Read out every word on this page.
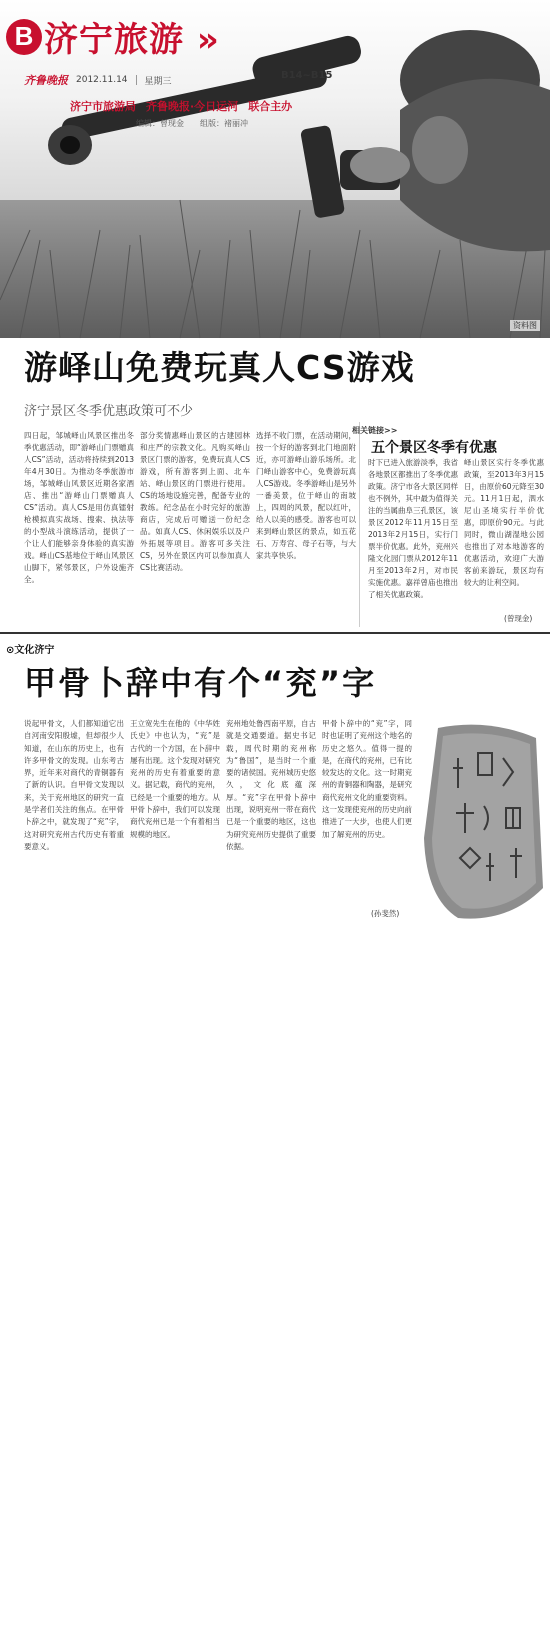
B 济宁旅游 »
齐鲁晚报 2012.11.14 星期三
B14~B15
济宁市旅游局 齐鲁晚报·今日运河 联合主办
编辑：曾现金 组版：褚丽冲
资料图
游峄山免费玩真人CS游戏
济宁景区冬季优惠政策可不少
四日起，邹城峄山风景区推出冬季优惠活动，即“游峄山门票赠真人CS”活动，活动将持续到2013年4月30日。为推动冬季旅游市场，邹城峄山风景区近期各家酒店、推出“游峄山门票赠真人CS”活动。真人CS是用仿真镭射枪模拟真实战场、搜索、执法等的小型战斗演练活动，提供了一个让人们能够亲身体验的真实游戏。峄山CS基地位于峄山风景区山脚下，紧邻景区，户外设施齐全。
部分奖情惠峄山景区的古建园林和庄严的宗教文化。凡购买峄山景区门票的游客，免费玩真人CS游戏，所有游客到上面、北车站、峄山景区的门票进行使用。CS的场地设施完善，配备专业的教练。纪念品在小时完好的旅游商店，完成后可赠送一份纪念品。如真人CS、休闲娱乐以及户外拓展等项目。游客可多关注CS，另外在景区内可以参加真人CS比赛活动。
选择不收门票，在活动期间，按一个好的游客到北门地面附近，亦可游峄山游乐场所。北门峄山游客中心，免费游玩真人CS游戏。冬季游峄山是另外一番美景，位于峄山的南坡上，四周的风景，配以红叶，给人以美的感受。游客也可以来到峄山景区的景点，如五花石、万寿宫、母子石等，与大家共享快乐。
相关链接>>
五个景区冬季有优惠
时下已进入旅游淡季，我省各地景区都推出了冬季优惠政策。济宁市各大景区同样也不例外，其中最为值得关注的当属曲阜三孔景区，该景区2012年11月15日至2013年2月15日，实行门票半价优惠。此外，兖州兴隆文化园门票从2012年11月至2013年2月，对市民实施优惠。嘉祥曾庙也推出了相关优惠政策。
峄山景区实行冬季优惠政策，至2013年3月15日，由原价60元降至30元。11月1日起，泗水尼山圣境实行半价优惠，即原价90元。与此同时，微山湖湿地公园也推出了对本地游客的优惠活动，欢迎广大游客前来游玩，景区均有较大的让利空间。
(曾现金)
⊙文化济宁
甲骨卜辞中有个“兖”字
说起甲骨文，人们都知道它出自河南安阳殷墟，但却很少人知道，在山东的历史上，也有许多甲骨文的发现。山东考古界，近年来对商代的青铜器有了新的认识。自甲骨文发现以来，关于兖州地区的研究一直是学者们关注的焦点。在甲骨卜辞之中，就发现了“兖”字，这对研究兖州古代历史有着重要意义。
王立宽先生在他的《中华姓氏史》中也认为，“兖”是古代的一个方国，在卜辞中屡有出现。这个发现对研究兖州的历史有着重要的意义。据记载，商代的兖州，已经是一个重要的地方。从甲骨卜辞中，我们可以发现商代兖州已是一个有着相当规模的地区。
兖州地处鲁西南平原，自古就是交通要道。据史书记载，周代时期的兖州称为“鲁国”，是当时一个重要的诸侯国。兖州城历史悠久，文化底蕴深厚。“兖”字在甲骨卜辞中出现，说明兖州一带在商代已是一个重要的地区，这也为研究兖州历史提供了重要依据。
甲骨卜辞中的“兖”字，同时也证明了兖州这个地名的历史之悠久。值得一提的是，在商代的兖州，已有比较发达的文化。这一时期兖州的青铜器和陶器，是研究商代兖州文化的重要资料。这一发现使兖州的历史向前推进了一大步，也使人们更加了解兖州的历史。
(孙斐然)
资料图
